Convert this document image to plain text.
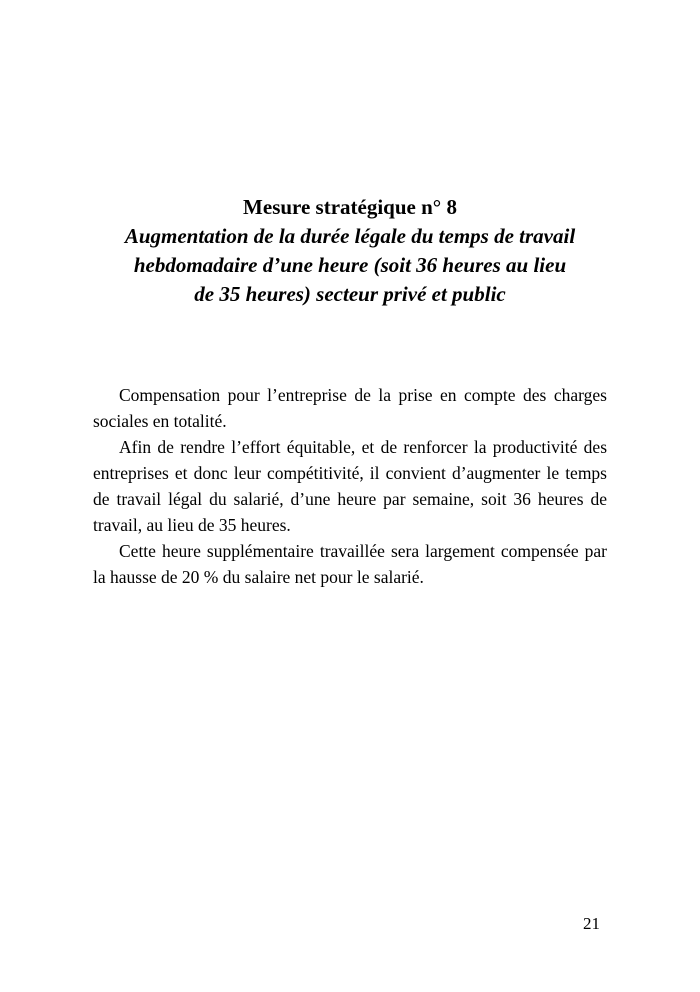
Mesure stratégique n° 8
Augmentation de la durée légale du temps de travail
hebdomadaire d’une heure (soit 36 heures au lieu
de 35 heures) secteur privé et public

Compensation pour l’entreprise de la prise en compte des charges sociales en totalité.

Afin de rendre l’effort équitable, et de renforcer la productivité des entreprises et donc leur compétitivité, il convient d’augmenter le temps de travail légal du salarié, d’une heure par semaine, soit 36 heures de travail, au lieu de 35 heures.

Cette heure supplémentaire travaillée sera largement compensée par la hausse de 20 % du salaire net pour le salarié.

21
